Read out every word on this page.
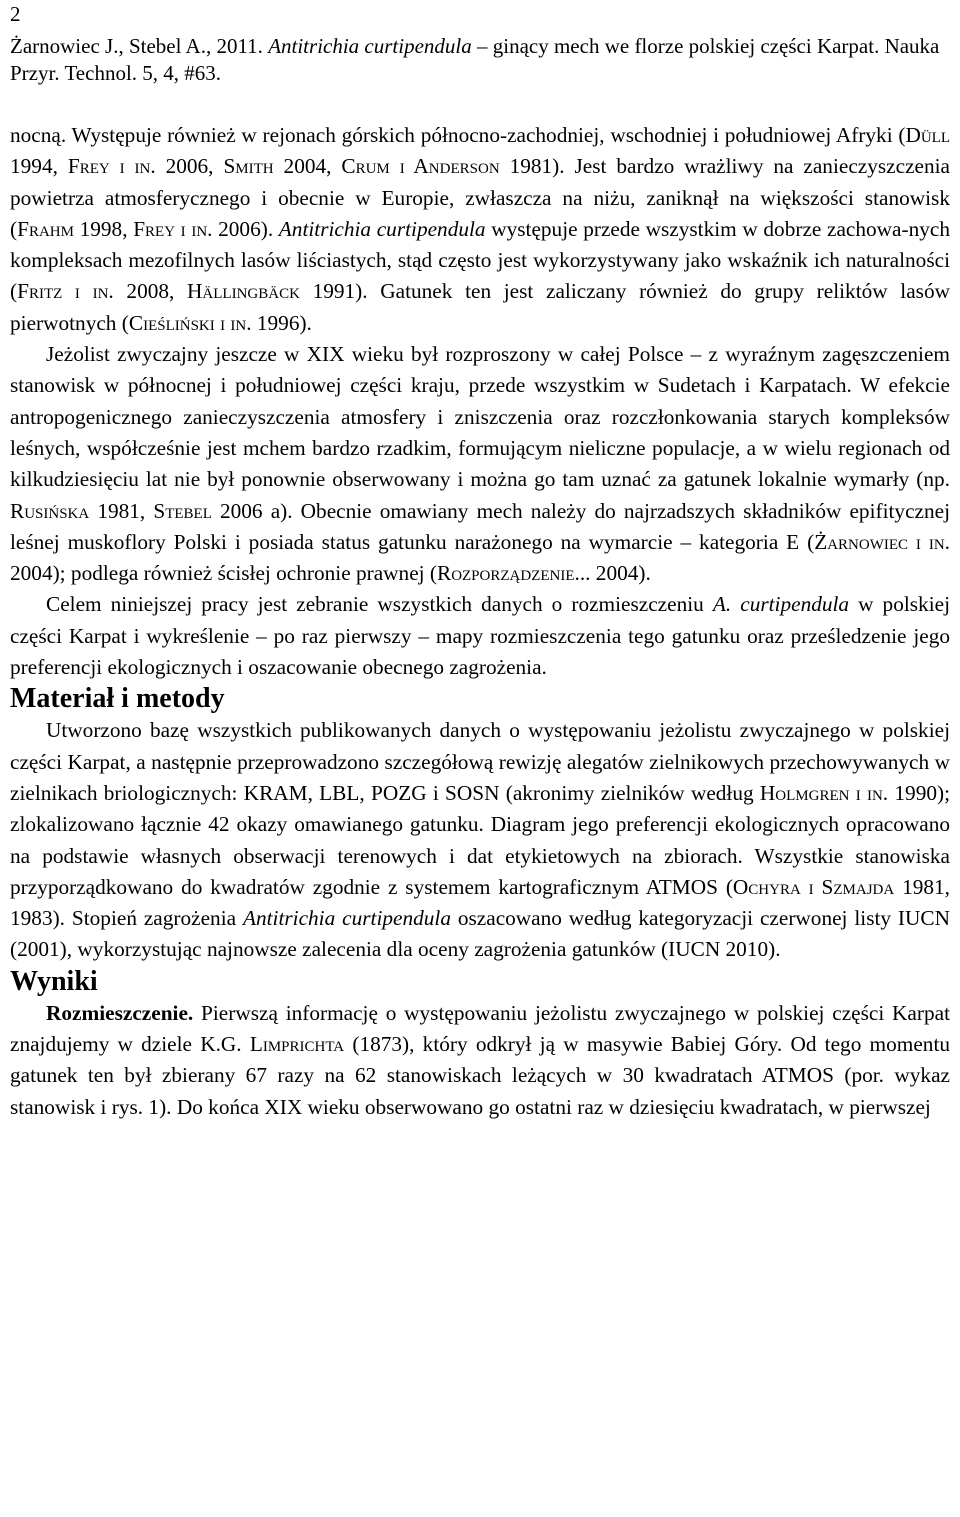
2
Żarnowiec J., Stebel A., 2011. Antitrichia curtipendula – ginący mech we florze polskiej części Karpat. Nauka Przyr. Technol. 5, 4, #63.

nocną. Występuje również w rejonach górskich północno-zachodniej, wschodniej i południowej Afryki (Düll 1994, Frey i in. 2006, Smith 2004, Crum i Anderson 1981). Jest bardzo wrażliwy na zanieczyszczenia powietrza atmosferycznego i obecnie w Europie, zwłaszcza na niżu, zaniknął na większości stanowisk (Frahm 1998, Frey i in. 2006). Antitrichia curtipendula występuje przede wszystkim w dobrze zachowa-nych kompleksach mezofilnych lasów liściastych, stąd często jest wykorzystywany jako wskaźnik ich naturalności (Fritz i in. 2008, Hällingbäck 1991). Gatunek ten jest zaliczany również do grupy reliktów lasów pierwotnych (Cieśliński i in. 1996).

Jeżolist zwyczajny jeszcze w XIX wieku był rozproszony w całej Polsce – z wyraźnym zagęszczeniem stanowisk w północnej i południowej części kraju, przede wszystkim w Sudetach i Karpatach. W efekcie antropogenicznego zanieczyszczenia atmosfery i zniszczenia oraz rozczłonkowania starych kompleksów leśnych, współcześnie jest mchem bardzo rzadkim, formującym nieliczne populacje, a w wielu regionach od kilkudziesięciu lat nie był ponownie obserwowany i można go tam uznać za gatunek lokalnie wymarły (np. Rusińska 1981, Stebel 2006 a). Obecnie omawiany mech należy do najrzadszych składników epifitycznej leśnej muskoflory Polski i posiada status gatunku narażonego na wymarcie – kategoria E (Żarnowiec i in. 2004); podlega również ścisłej ochronie prawnej (Rozporządzenie... 2004).

Celem niniejszej pracy jest zebranie wszystkich danych o rozmieszczeniu A. curtipendula w polskiej części Karpat i wykreślenie – po raz pierwszy – mapy rozmieszczenia tego gatunku oraz prześledzenie jego preferencji ekologicznych i oszacowanie obecnego zagrożenia.

Materiał i metody

Utworzono bazę wszystkich publikowanych danych o występowaniu jeżolistu zwyczajnego w polskiej części Karpat, a następnie przeprowadzono szczegółową rewizję alegatów zielnikowych przechowywanych w zielnikach briologicznych: KRAM, LBL, POZG i SOSN (akronimy zielników według Holmgren i in. 1990); zlokalizowano łącznie 42 okazy omawianego gatunku. Diagram jego preferencji ekologicznych opracowano na podstawie własnych obserwacji terenowych i dat etykietowych na zbiorach. Wszystkie stanowiska przyporządkowano do kwadratów zgodnie z systemem kartograficznym ATMOS (Ochyra i Szmajda 1981, 1983). Stopień zagrożenia Antitrichia curtipendula oszacowano według kategoryzacji czerwonej listy IUCN (2001), wykorzystując najnowsze zalecenia dla oceny zagrożenia gatunków (IUCN 2010).

Wyniki

Rozmieszczenie. Pierwszą informację o występowaniu jeżolistu zwyczajnego w polskiej części Karpat znajdujemy w dziele K.G. Limprichta (1873), który odkrył ją w masywie Babiej Góry. Od tego momentu gatunek ten był zbierany 67 razy na 62 stanowiskach leżących w 30 kwadratach ATMOS (por. wykaz stanowisk i rys. 1). Do końca XIX wieku obserwowano go ostatni raz w dziesięciu kwadratach, w pierwszej
